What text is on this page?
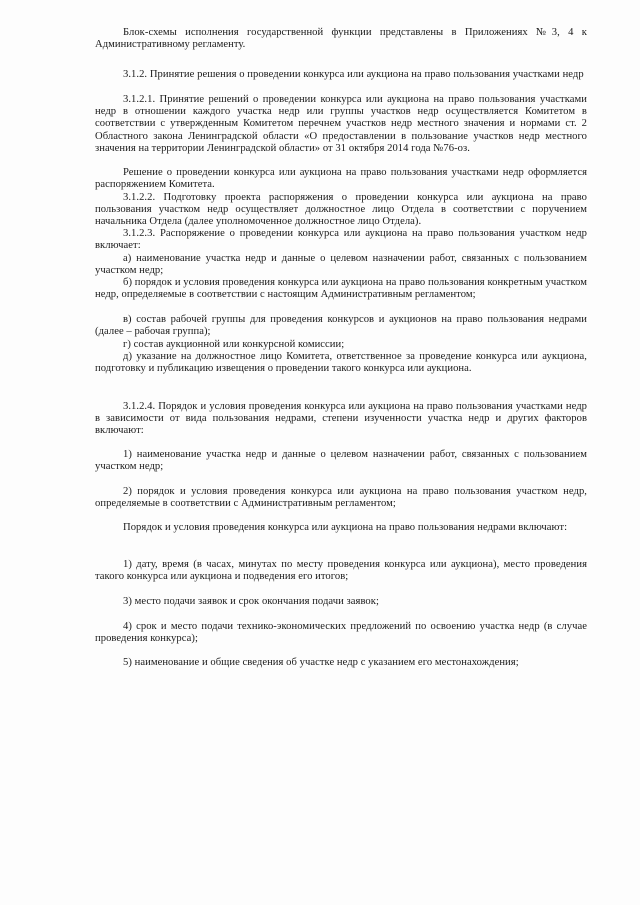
Блок-схемы исполнения государственной функции представлены в Приложениях №3, 4 к Административному регламенту.

3.1.2. Принятие решения о проведении конкурса или аукциона на право пользования участками недр

3.1.2.1. Принятие решений о проведении конкурса или аукциона на право пользования участками недр в отношении каждого участка недр или группы участков недр осуществляется Комитетом в соответствии с утвержденным Комитетом перечнем участков недр местного значения и нормами ст. 2 Областного закона Ленинградской области «О предоставлении в пользование участков недр местного значения на территории Ленинградской области» от 31 октября 2014 года №76-оз.

Решение о проведении конкурса или аукциона на право пользования участками недр оформляется распоряжением Комитета.

3.1.2.2. Подготовку проекта распоряжения о проведении конкурса или аукциона на право пользования участком недр осуществляет должностное лицо Отдела в соответствии с поручением начальника Отдела (далее уполномоченное должностное лицо Отдела).

3.1.2.3. Распоряжение о проведении конкурса или аукциона на право пользования участком недр включает:

а) наименование участка недр и данные о целевом назначении работ, связанных с пользованием участком недр;

б) порядок и условия проведения конкурса или аукциона на право пользования конкретным участком недр, определяемые в соответствии с настоящим Административным регламентом;

в) состав рабочей группы для проведения конкурсов и аукционов на право пользования недрами (далее – рабочая группа);

г) состав аукционной или конкурсной комиссии;

д) указание на должностное лицо Комитета, ответственное за проведение конкурса или аукциона, подготовку и публикацию извещения о проведении такого конкурса или аукциона.

3.1.2.4. Порядок и условия проведения конкурса или аукциона на право пользования участками недр в зависимости от вида пользования недрами, степени изученности участка недр и других факторов включают:

1) наименование участка недр и данные о целевом назначении работ, связанных с пользованием участком недр;

2) порядок и условия проведения конкурса или аукциона на право пользования участком недр, определяемые в соответствии с Административным регламентом;

Порядок и условия проведения конкурса или аукциона на право пользования недрами включают:

1) дату, время (в часах, минутах по месту проведения конкурса или аукциона), место проведения такого конкурса или аукциона и подведения его итогов;

3) место подачи заявок и срок окончания подачи заявок;

4) срок и место подачи технико-экономических предложений по освоению участка недр (в случае проведения конкурса);

5) наименование и общие сведения об участке недр с указанием его местонахождения;
